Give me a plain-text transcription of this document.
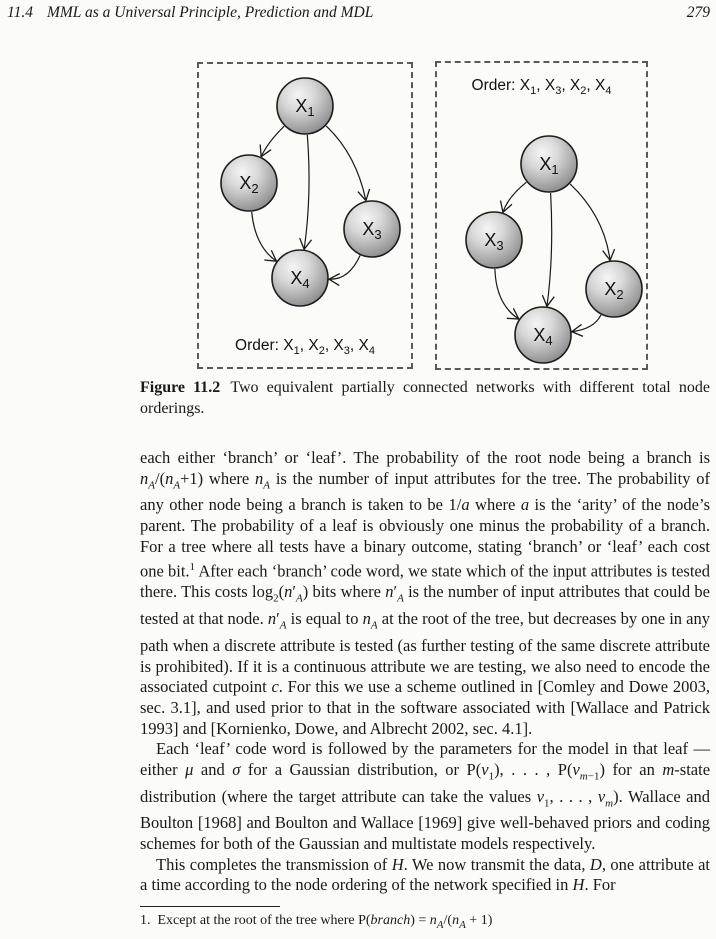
11.4 MML as a Universal Principle, Prediction and MDL	279
$X_1$
$X_2$
$X_3$
$X_4$
Order: $X_1$, $X_2$, $X_3$, $X_4$
$X_1$
$X_3$
$X_2$
$X_4$
Order: $X_1$, $X_3$, $X_2$, $X_4$
Figure 11.2 Two equivalent partially connected networks with different total node orderings.

each either ‘branch’ or ‘leaf’. The probability of the root node being a branch is $n_A/(n_A+1)$ where $n_A$ is the number of input attributes for the tree. The probability of any other node being a branch is taken to be 1/a where a is the ‘arity’ of the node’s parent. The probability of a leaf is obviously one minus the probability of a branch. For a tree where all tests have a binary outcome, stating ‘branch’ or ‘leaf’ each cost one bit.$^1$ After each ‘branch’ code word, we state which of the input attributes is tested there. This costs $\log_2(n'_A)$ bits where $n'_A$ is the number of input attributes that could be tested at that node. $n'_A$ is equal to $n_A$ at the root of the tree, but decreases by one in any path when a discrete attribute is tested (as further testing of the same discrete attribute is prohibited). If it is a continuous attribute we are testing, we also need to encode the associated cutpoint c. For this we use a scheme outlined in [Comley and Dowe 2003, sec. 3.1], and used prior to that in the software associated with [Wallace and Patrick 1993] and [Kornienko, Dowe, and Albrecht 2002, sec. 4.1].

Each ‘leaf’ code word is followed by the parameters for the model in that leaf — either μ and σ for a Gaussian distribution, or $P(v_1)$, . . . , $P(v_{m-1})$ for an m-state distribution (where the target attribute can take the values $v_1$, . . . , $v_m$). Wallace and Boulton [1968] and Boulton and Wallace [1969] give well-behaved priors and coding schemes for both of the Gaussian and multistate models respectively.

This completes the transmission of H. We now transmit the data, D, one attribute at a time according to the node ordering of the network specified in H. For

1.  Except at the root of the tree where P(branch) = $n_A/(n_A + 1)$
